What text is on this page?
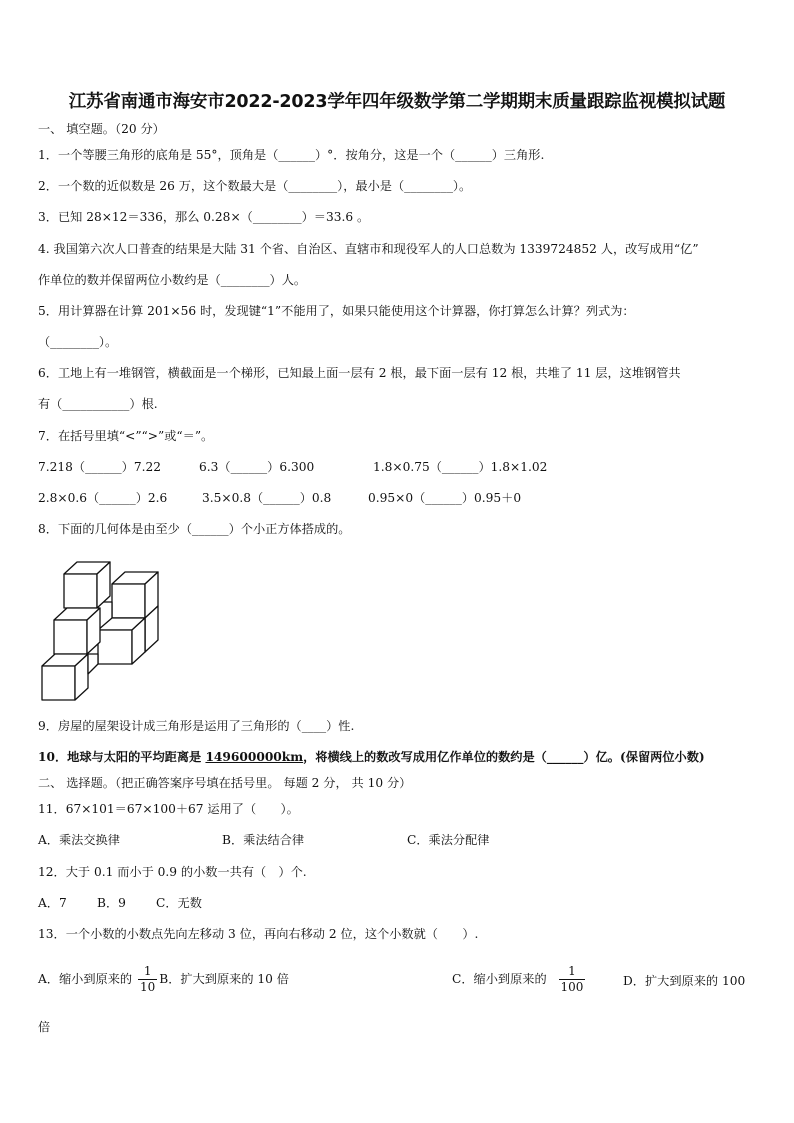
江苏省南通市海安市2022-2023学年四年级数学第二学期期末质量跟踪监视模拟试题
一、 填空题。（20 分）
1．一个等腰三角形的底角是 55°，顶角是（______）°．按角分，这是一个（______）三角形.
2．一个数的近似数是 26 万，这个数最大是（________），最小是（________）。
3．已知 28×12＝336，那么 0.28×（________）＝33.6 。
4. 我国第六次人口普查的结果是大陆 31 个省、自治区、直辖市和现役军人的人口总数为 1339724852 人，改写成用“亿”
作单位的数并保留两位小数约是（________）人。
5．用计算器在计算 201×56 时，发现键“1”不能用了，如果只能使用这个计算器，你打算怎么计算？列式为：
（________）。
6．工地上有一堆钢管，横截面是一个梯形，已知最上面一层有 2 根，最下面一层有 12 根，共堆了 11 层，这堆钢管共
有（___________）根.
7．在括号里填“<”“>”或“＝”。
7.218（______）7.22	6.3（______）6.300	1.8×0.75（______）1.8×1.02
2.8×0.6（______）2.6	3.5×0.8（______）0.8	0.95×0（______）0.95＋0
8．下面的几何体是由至少（______）个小正方体搭成的。
9．房屋的屋架设计成三角形是运用了三角形的（____）性.
10．地球与太阳的平均距离是 149600000km，将横线上的数改写成用亿作单位的数约是（______）亿。(保留两位小数)
二、 选择题。（把正确答案序号填在括号里。 每题 2 分， 共 10 分）
11．67×101＝67×100＋67 运用了（　　）。
A．乘法交换律	B．乘法结合律	C．乘法分配律
12．大于 0.1 而小于 0.9 的小数一共有（　）个.
A．7 B．9 C．无数
13．一个小数的小数点先向左移动 3 位，再向右移动 2 位，这个小数就（　　）.
A．缩小到原来的 $\frac{1}{10}$ B．扩大到原来的 10 倍	C．缩小到原来的 $\frac{1}{100}$	D．扩大到原来的 100
倍
